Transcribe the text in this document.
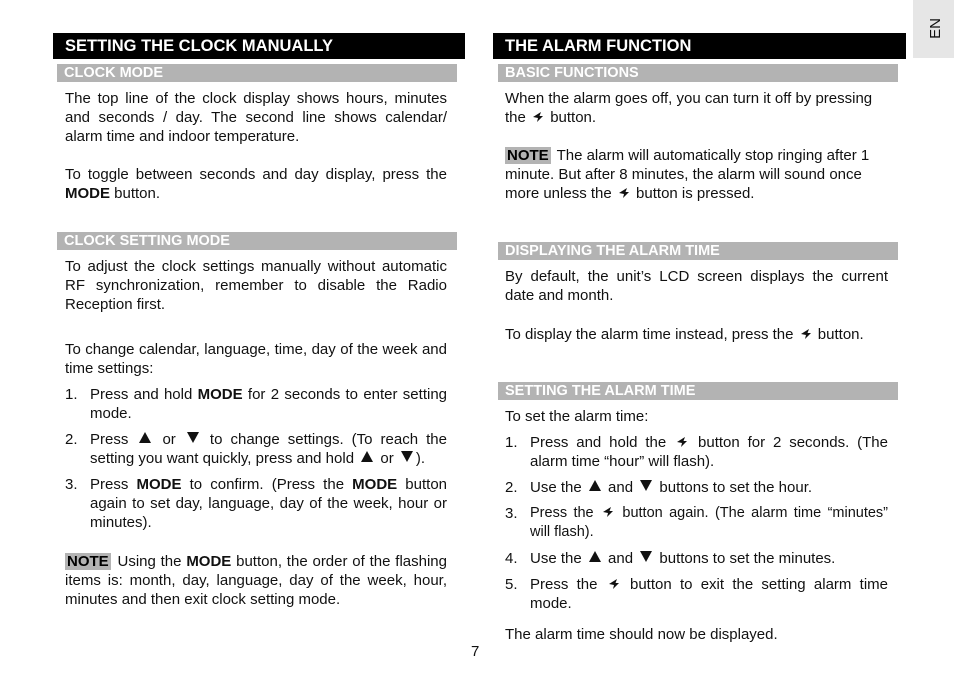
EN
SETTING THE CLOCK MANUALLY
CLOCK MODE

The top line of the clock display shows hours, minutes and seconds / day. The second line shows calendar/ alarm time and indoor temperature.

To toggle between seconds and day display, press the MODE button.

CLOCK SETTING MODE

To adjust the clock settings manually without automatic RF synchronization, remember to disable the Radio Reception first.

To change calendar, language, time, day of the week and time settings:

1. Press and hold MODE for 2 seconds to enter setting mode.
2. Press  or  to change settings. (To reach the setting you want quickly, press and hold  or ).
3. Press MODE to confirm. (Press the MODE button again to set day, language, day of the week, hour or minutes).

NOTE Using the MODE button, the order of the flashing items is: month, day, language, day of the week, hour, minutes and then exit clock setting mode.

THE ALARM FUNCTION
BASIC FUNCTIONS

When the alarm goes off, you can turn it off by pressing the  button.

NOTE The alarm will automatically stop ringing after 1 minute. But after 8 minutes, the alarm will sound once more unless the  button is pressed.

DISPLAYING THE ALARM TIME

By default, the unit’s LCD screen displays the current date and month.

To display the alarm time instead, press the  button.

SETTING THE ALARM TIME

To set the alarm time:

1. Press and hold the  button for 2 seconds. (The alarm time “hour” will flash).
2. Use the  and  buttons to set the hour.
3. Press the  button again. (The alarm time “minutes” will flash).
4. Use the  and  buttons to set the minutes.
5. Press the  button to exit the setting alarm time mode.

The alarm time should now be displayed.

7
